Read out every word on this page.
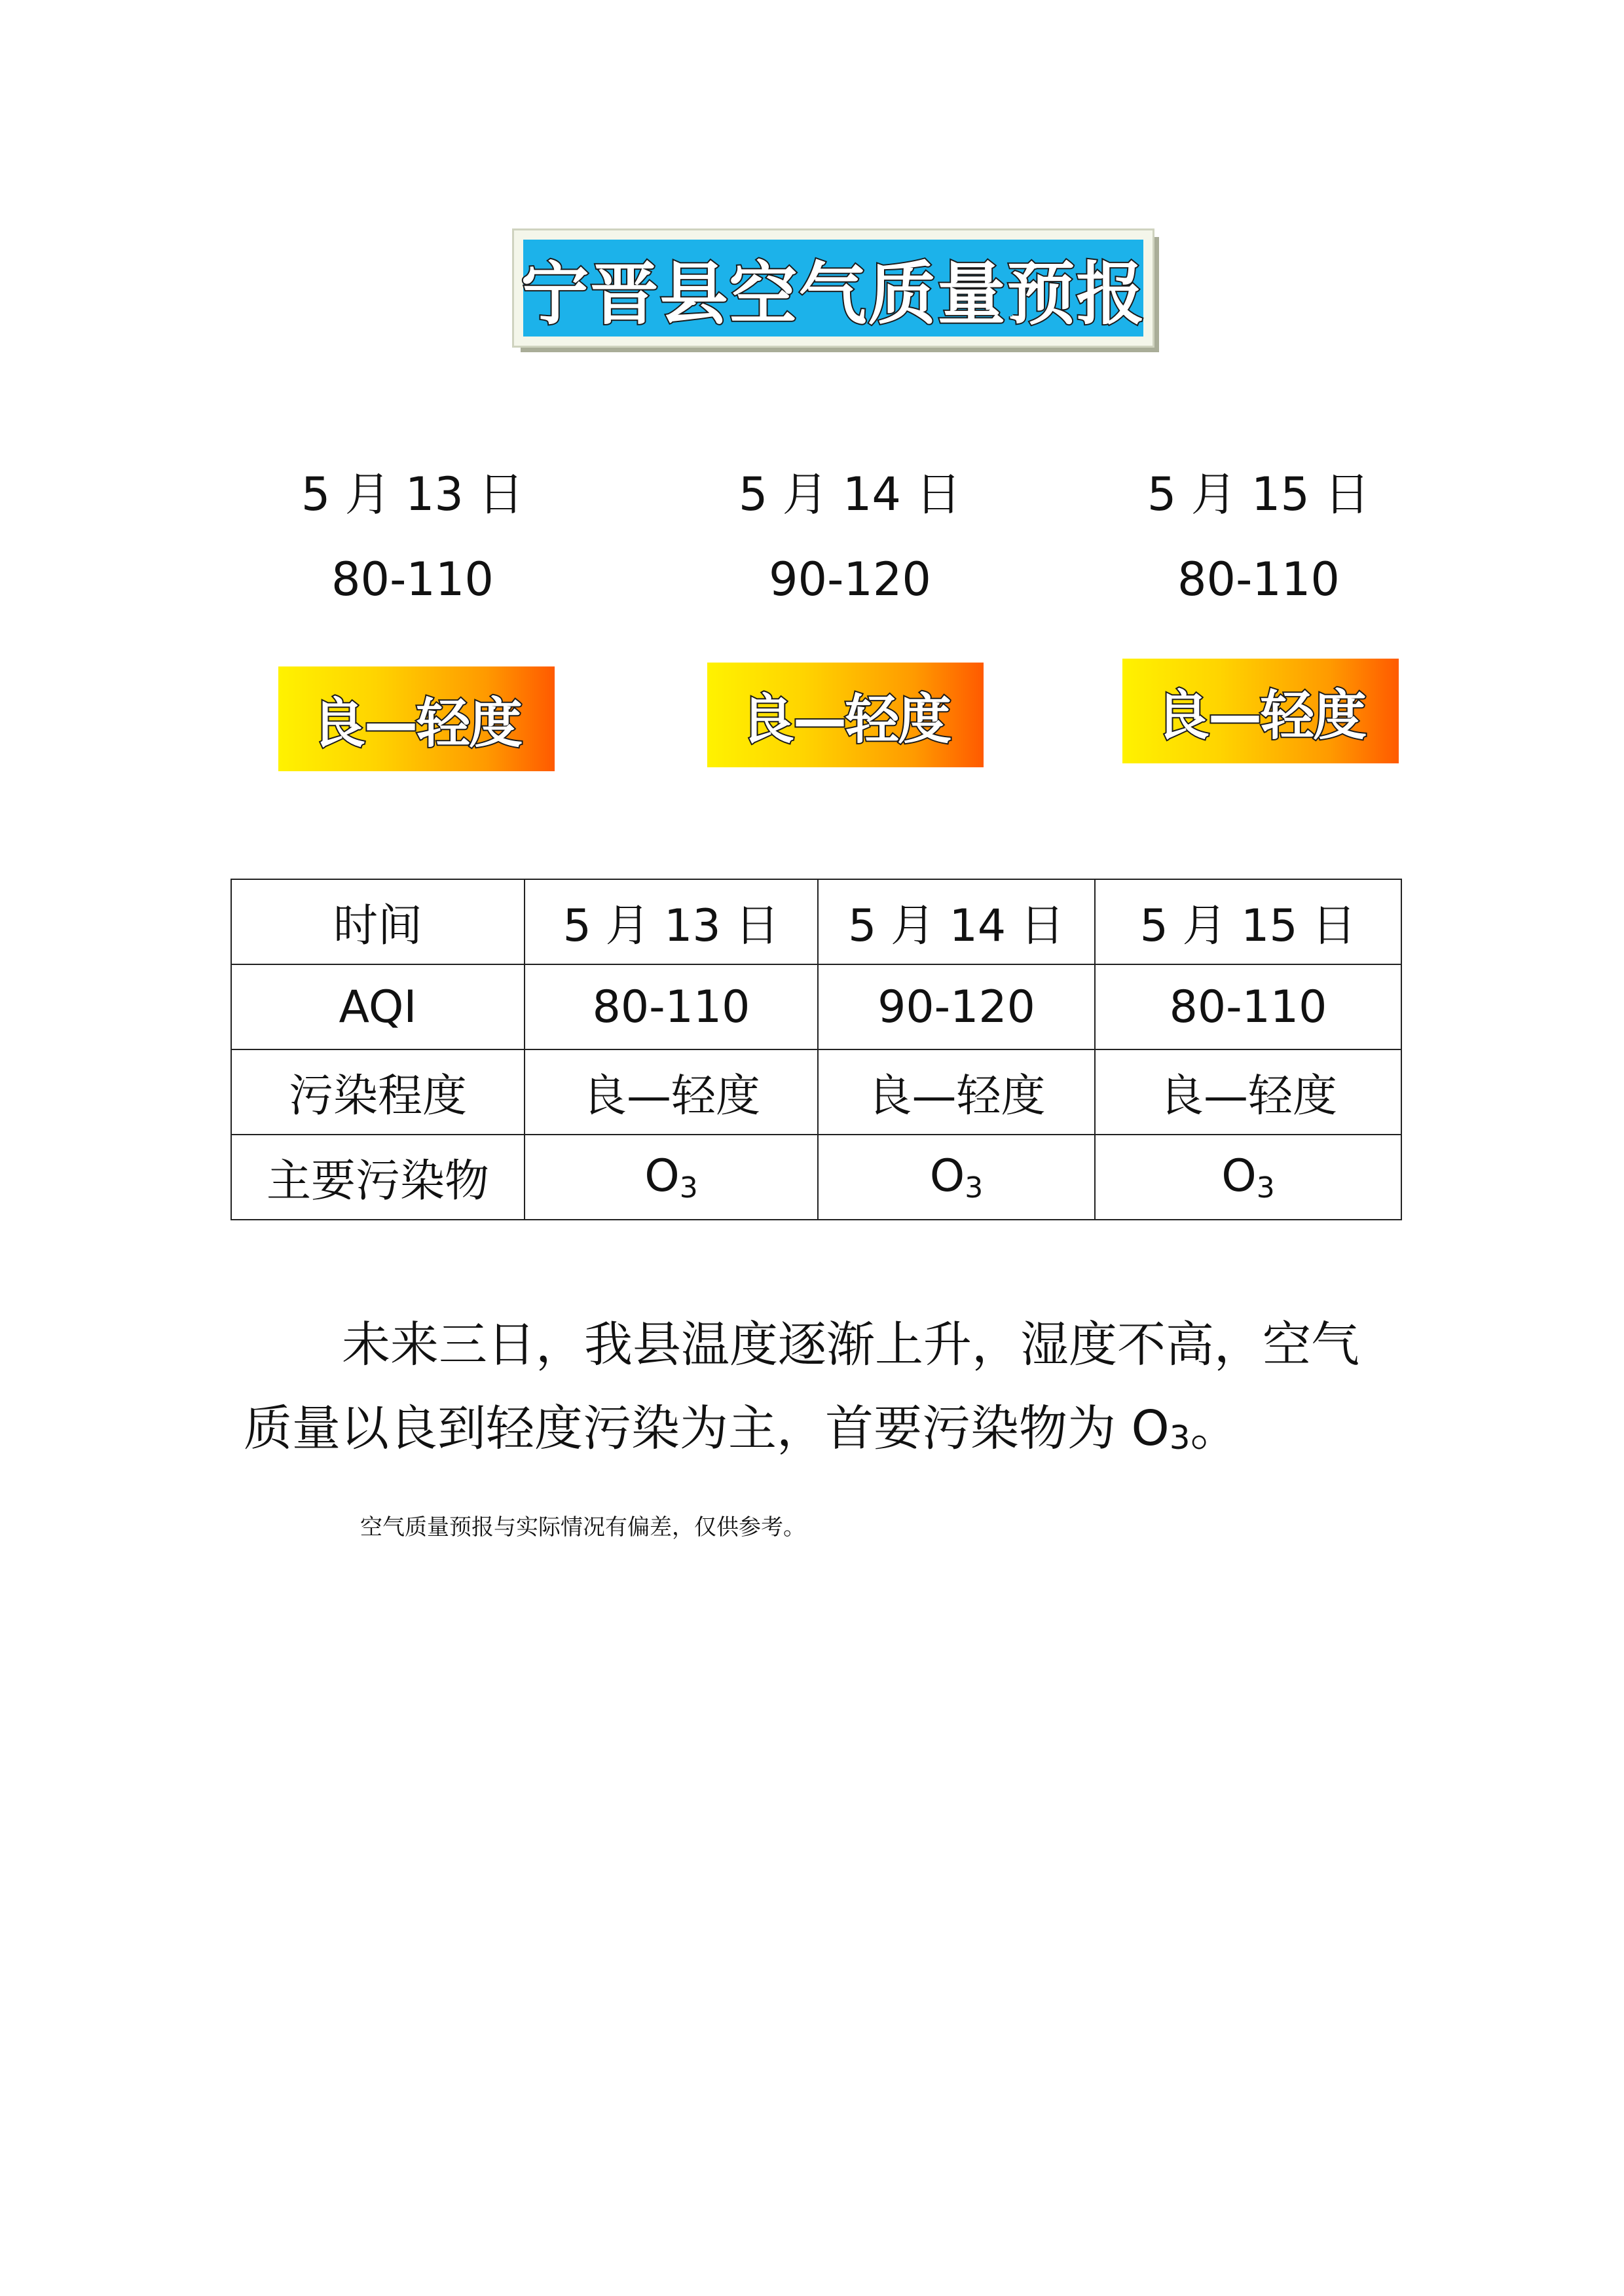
宁晋县空气质量预报
5 月 13 日
80-110
5 月 14 日
90-120
5 月 15 日
80-110
良—轻度	良—轻度	良—轻度
时间	5 月 13 日	5 月 14 日	5 月 15 日
AQI	80-110	90-120	80-110
污染程度	良—轻度	良—轻度	良—轻度
主要污染物	$O_3$	$O_3$	$O_3$

未来三日，我县温度逐渐上升，湿度不高，空气质量以良到轻度污染为主，首要污染物为 O3。

空气质量预报与实际情况有偏差，仅供参考。
